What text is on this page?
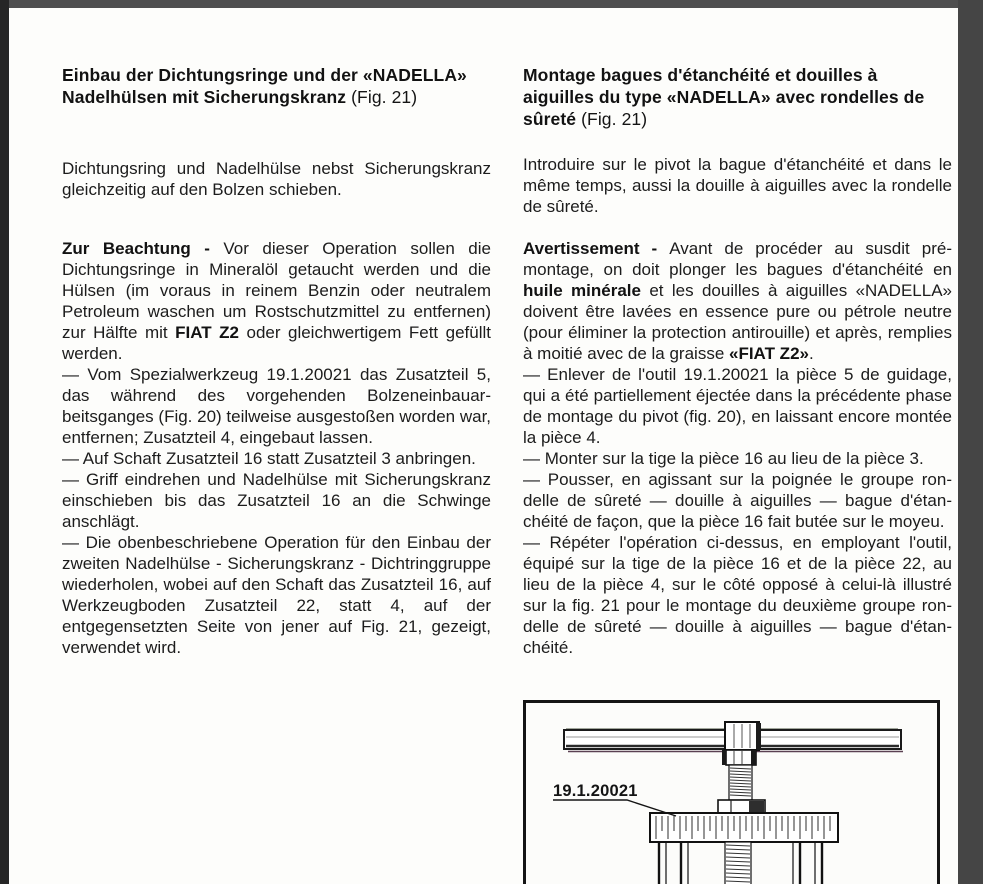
Einbau der Dichtungsringe und der «NADELLA» Nadelhülsen mit Sicherungskranz (Fig. 21)

Dichtungsring und Nadelhülse nebst Sicherungskranz gleichzeitig auf den Bolzen schieben.

Zur Beachtung - Vor dieser Operation sollen die Dichtungsringe in Mineralöl getaucht werden und die Hülsen (im voraus in reinem Benzin oder neutralem Petroleum waschen um Rostschutzmittel zu entfernen) zur Hälfte mit FIAT Z2 oder gleichwertigem Fett gefüllt werden.

— Vom Spezialwerkzeug 19.1.20021 das Zusatzteil 5, das während des vorgehenden Bolzeneinbauarbeitsganges (Fig. 20) teilweise ausgestoßen worden war, entfernen; Zusatzteil 4, eingebaut lassen.

— Auf Schaft Zusatzteil 16 statt Zusatzteil 3 anbringen.

— Griff eindrehen und Nadelhülse mit Sicherungskranz einschieben bis das Zusatzteil 16 an die Schwinge anschlägt.

— Die obenbeschriebene Operation für den Einbau der zweiten Nadelhülse - Sicherungskranz - Dichtringgruppe wiederholen, wobei auf den Schaft das Zusatzteil 16, auf Werkzeugboden Zusatzteil 22, statt 4, auf der entgegensetzten Seite von jener auf Fig. 21, gezeigt, verwendet wird.

Montage bagues d'étanchéité et douilles à aiguilles du type «NADELLA» avec rondelles de sûreté (Fig. 21)

Introduire sur le pivot la bague d'étanchéité et dans le même temps, aussi la douille à aiguilles avec la rondelle de sûreté.

Avertissement - Avant de procéder au susdit prémontage, on doit plonger les bagues d'étanchéité en huile minérale et les douilles à aiguilles «NADELLA» doivent être lavées en essence pure ou pétrole neutre (pour éliminer la protection antirouille) et après, remplies à moitié avec de la graisse «FIAT Z2».

— Enlever de l'outil 19.1.20021 la pièce 5 de guidage, qui a été partiellement éjectée dans la précédente phase de montage du pivot (fig. 20), en laissant encore montée la pièce 4.

— Monter sur la tige la pièce 16 au lieu de la pièce 3.

— Pousser, en agissant sur la poignée le groupe rondelle de sûreté — douille à aiguilles — bague d'étanchéité de façon, que la pièce 16 fait butée sur le moyeu.

— Répéter l'opération ci-dessus, en employant l'outil, équipé sur la tige de la pièce 16 et de la pièce 22, au lieu de la pièce 4, sur le côté opposé à celui-là illustré sur la fig. 21 pour le montage du deuxième groupe rondelle de sûreté — douille à aiguilles — bague d'étanchéité.

19.1.20021
